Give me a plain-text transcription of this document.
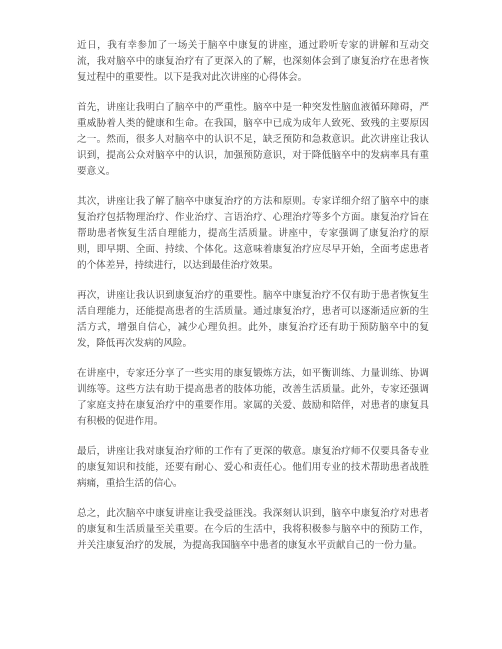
近日，我有幸参加了一场关于脑卒中康复的讲座，通过聆听专家的讲解和互动交流，我对脑卒中的康复治疗有了更深入的了解，也深刻体会到了康复治疗在患者恢复过程中的重要性。以下是我对此次讲座的心得体会。

首先，讲座让我明白了脑卒中的严重性。脑卒中是一种突发性脑血液循环障碍，严重威胁着人类的健康和生命。在我国，脑卒中已成为成年人致死、致残的主要原因之一。然而，很多人对脑卒中的认识不足，缺乏预防和急救意识。此次讲座让我认识到，提高公众对脑卒中的认识，加强预防意识，对于降低脑卒中的发病率具有重要意义。

其次，讲座让我了解了脑卒中康复治疗的方法和原则。专家详细介绍了脑卒中的康复治疗包括物理治疗、作业治疗、言语治疗、心理治疗等多个方面。康复治疗旨在帮助患者恢复生活自理能力，提高生活质量。讲座中，专家强调了康复治疗的原则，即早期、全面、持续、个体化。这意味着康复治疗应尽早开始，全面考虑患者的个体差异，持续进行，以达到最佳治疗效果。

再次，讲座让我认识到康复治疗的重要性。脑卒中康复治疗不仅有助于患者恢复生活自理能力，还能提高患者的生活质量。通过康复治疗，患者可以逐渐适应新的生活方式，增强自信心，减少心理负担。此外，康复治疗还有助于预防脑卒中的复发，降低再次发病的风险。

在讲座中，专家还分享了一些实用的康复锻炼方法，如平衡训练、力量训练、协调训练等。这些方法有助于提高患者的肢体功能，改善生活质量。此外，专家还强调了家庭支持在康复治疗中的重要作用。家属的关爱、鼓励和陪伴，对患者的康复具有积极的促进作用。

最后，讲座让我对康复治疗师的工作有了更深的敬意。康复治疗师不仅要具备专业的康复知识和技能，还要有耐心、爱心和责任心。他们用专业的技术帮助患者战胜病痛，重拾生活的信心。

总之，此次脑卒中康复讲座让我受益匪浅。我深刻认识到，脑卒中康复治疗对患者的康复和生活质量至关重要。在今后的生活中，我将积极参与脑卒中的预防工作，并关注康复治疗的发展，为提高我国脑卒中患者的康复水平贡献自己的一份力量。
